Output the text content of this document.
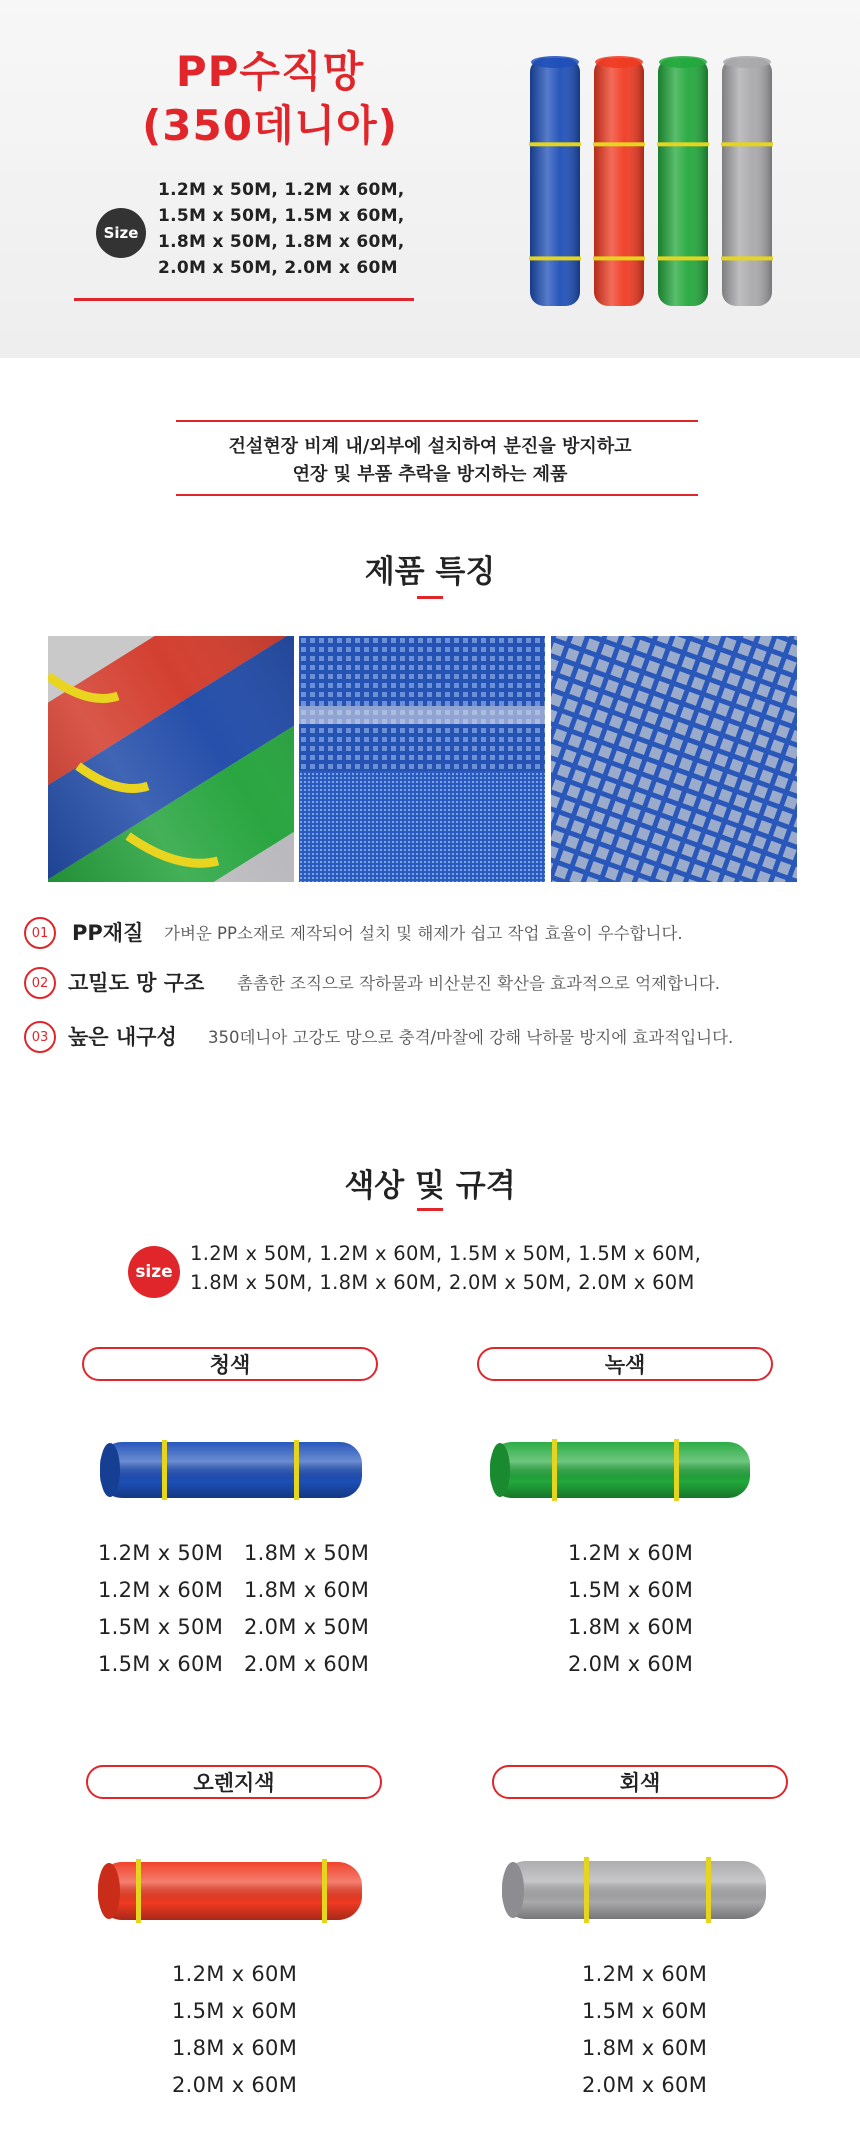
PP수직망
(350데니아)
Size
1.2M x 50M, 1.2M x 60M,
1.5M x 50M, 1.5M x 60M,
1.8M x 50M, 1.8M x 60M,
2.0M x 50M, 2.0M x 60M
건설현장 비계 내/외부에 설치하여 분진을 방지하고
연장 및 부품 추락을 방지하는 제품
제품 특징
01	PP재질 가벼운 PP소재로 제작되어 설치 및 해제가 쉽고 작업 효율이 우수합니다.
02 고밀도 망 구조 촘촘한 조직으로 작하물과 비산분진 확산을 효과적으로 억제합니다.
03 높은 내구성 350데니아 고강도 망으로 충격/마찰에 강해 낙하물 방지에 효과적입니다.
색상 및 규격
size
1.2M x 50M, 1.2M x 60M, 1.5M x 50M, 1.5M x 60M,
1.8M x 50M, 1.8M x 60M, 2.0M x 50M, 2.0M x 60M
청색
1.2M x 50M
1.2M x 60M
1.5M x 50M
1.5M x 60M
1.8M x 50M
1.8M x 60M
2.0M x 50M
2.0M x 60M
녹색
1.2M x 60M
1.5M x 60M
1.8M x 60M
2.0M x 60M
오렌지색
1.2M x 60M
1.5M x 60M
1.8M x 60M
2.0M x 60M
회색
1.2M x 60M
1.5M x 60M
1.8M x 60M
2.0M x 60M
